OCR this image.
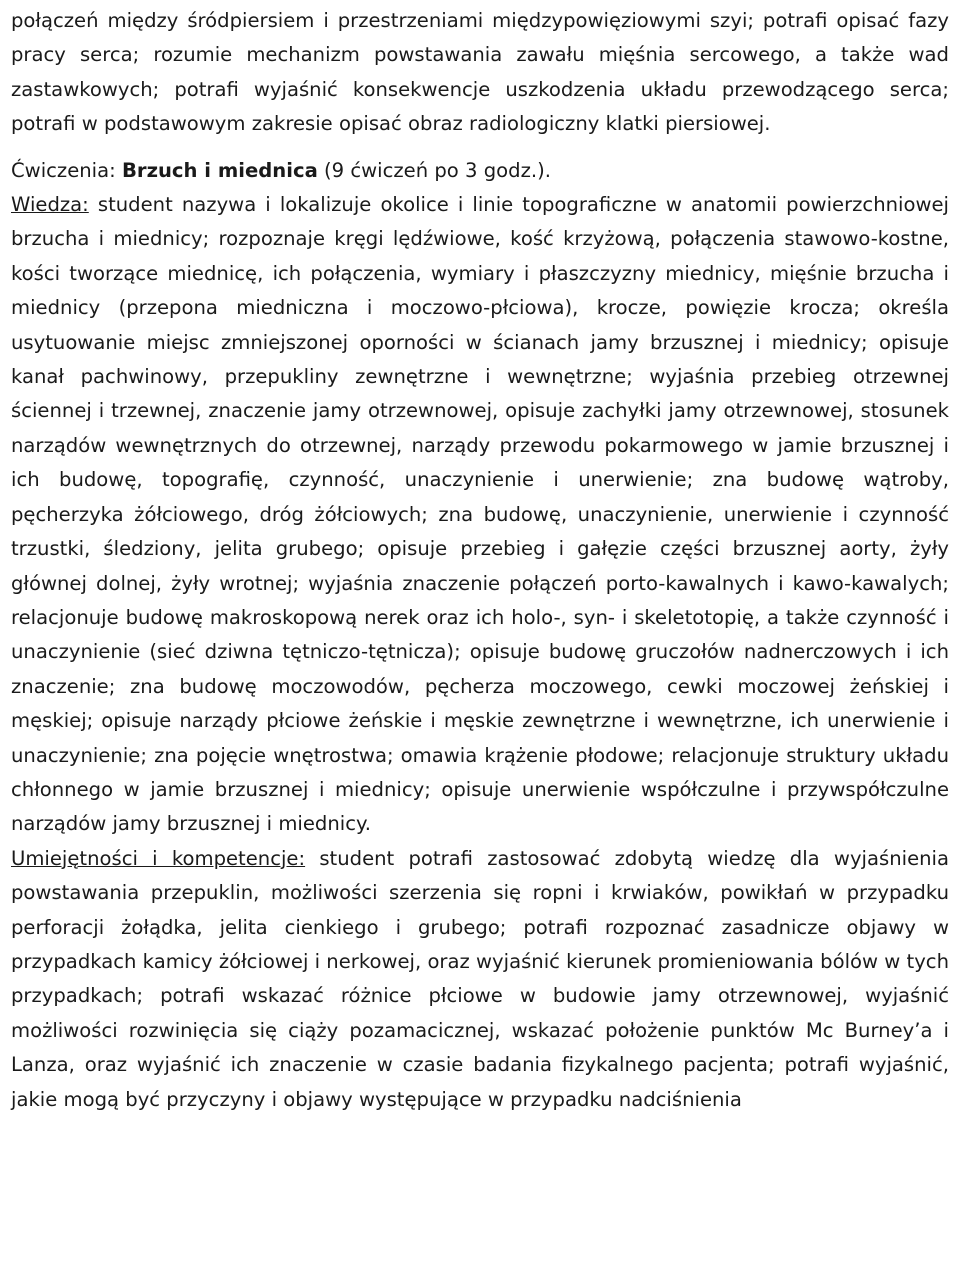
połączeń między śródpiersiem i przestrzeniami międzypowięziowymi szyi; potrafi opisać fazy pracy serca; rozumie mechanizm powstawania zawału mięśnia sercowego, a także wad zastawkowych; potrafi wyjaśnić konsekwencje uszkodzenia układu przewodzącego serca; potrafi w podstawowym zakresie opisać obraz radiologiczny klatki piersiowej.

Ćwiczenia: Brzuch i miednica (9 ćwiczeń po 3 godz.).

Wiedza: student nazywa i lokalizuje okolice i linie topograficzne w anatomii powierzchniowej brzucha i miednicy; rozpoznaje kręgi lędźwiowe, kość krzyżową, połączenia stawowo-kostne, kości tworzące miednicę, ich połączenia, wymiary i płaszczyzny miednicy, mięśnie brzucha i miednicy (przepona miedniczna i moczowo-płciowa), krocze, powięzie krocza; określa usytuowanie miejsc zmniejszonej oporności w ścianach jamy brzusznej i miednicy; opisuje kanał pachwinowy, przepukliny zewnętrzne i wewnętrzne; wyjaśnia przebieg otrzewnej ściennej i trzewnej, znaczenie jamy otrzewnowej, opisuje zachyłki jamy otrzewnowej, stosunek narządów wewnętrznych do otrzewnej, narządy przewodu pokarmowego w jamie brzusznej i ich budowę, topografię, czynność, unaczynienie i unerwienie; zna budowę wątroby, pęcherzyka żółciowego, dróg żółciowych; zna budowę, unaczynienie, unerwienie i czynność trzustki, śledziony, jelita grubego; opisuje przebieg i gałęzie części brzusznej aorty, żyły głównej dolnej, żyły wrotnej; wyjaśnia znaczenie połączeń porto-kawalnych i kawo-kawalych; relacjonuje budowę makroskopową nerek oraz ich holo-, syn- i skeletotopię, a także czynność i unaczynienie (sieć dziwna tętniczo-tętnicza); opisuje budowę gruczołów nadnerczowych i ich znaczenie; zna budowę moczowodów, pęcherza moczowego, cewki moczowej żeńskiej i męskiej; opisuje narządy płciowe żeńskie i męskie zewnętrzne i wewnętrzne, ich unerwienie i unaczynienie; zna pojęcie wnętrostwa; omawia krążenie płodowe; relacjonuje struktury układu chłonnego w jamie brzusznej i miednicy; opisuje unerwienie współczulne i przywspółczulne narządów jamy brzusznej i miednicy.

Umiejętności i kompetencje: student potrafi zastosować zdobytą wiedzę dla wyjaśnienia powstawania przepuklin, możliwości szerzenia się ropni i krwiaków, powikłań w przypadku perforacji żołądka, jelita cienkiego i grubego; potrafi rozpoznać zasadnicze objawy w przypadkach kamicy żółciowej i nerkowej, oraz wyjaśnić kierunek promieniowania bólów w tych przypadkach; potrafi wskazać różnice płciowe w budowie jamy otrzewnowej, wyjaśnić możliwości rozwinięcia się ciąży pozamacicznej, wskazać położenie punktów Mc Burney’a i Lanza, oraz wyjaśnić ich znaczenie w czasie badania fizykalnego pacjenta; potrafi wyjaśnić, jakie mogą być przyczyny i objawy występujące w przypadku nadciśnienia
